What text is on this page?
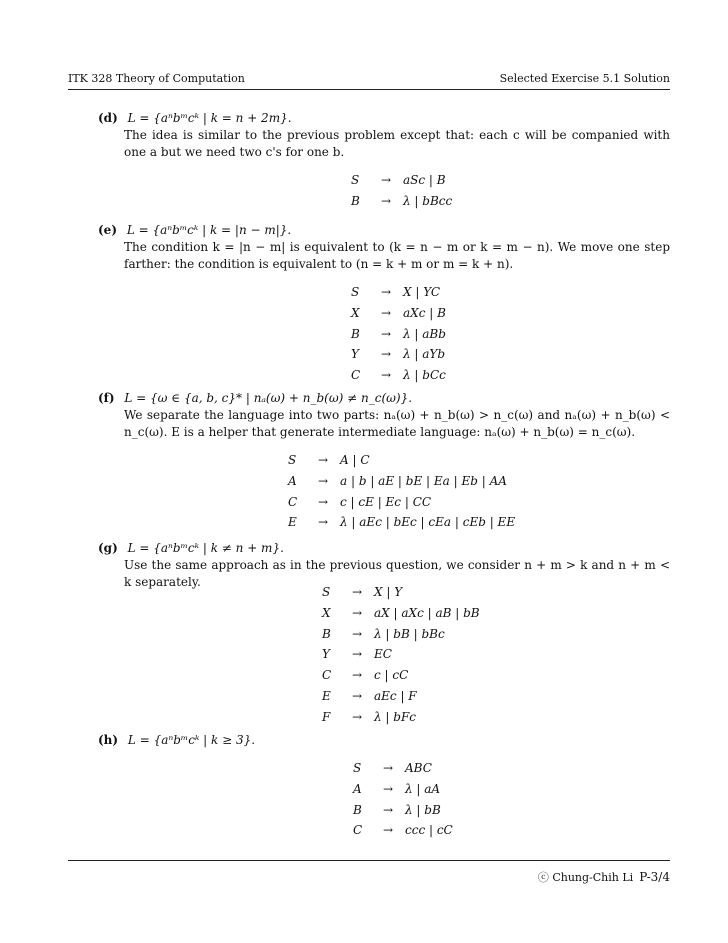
ITK 328 Theory of Computation	Selected Exercise 5.1 Solution
(d) L = {aⁿbᵐcᵏ | k = n + 2m}.
The idea is similar to the previous problem except that: each c will be companied with one a but we need two c's for one b.
S	→	aSc | B
B	→	λ | bBcc
(e) L = {aⁿbᵐcᵏ | k = |n − m|}.
The condition k = |n − m| is equivalent to (k = n − m or k = m − n). We move one step farther: the condition is equivalent to (n = k + m or m = k + n).
S	→	X | YC
X	→	aXc | B
B	→	λ | aBb
Y	→	λ | aYb
C	→	λ | bCc
(f) L = {ω ∈ {a, b, c}* | nₐ(ω) + n_b(ω) ≠ n_c(ω)}.
We separate the language into two parts: nₐ(ω) + n_b(ω) > n_c(ω) and nₐ(ω) + n_b(ω) < n_c(ω). E is a helper that generate intermediate language: nₐ(ω) + n_b(ω) = n_c(ω).
S	→	A | C
A	→	a | b | aE | bE | Ea | Eb | AA
C	→	c | cE | Ec | CC
E	→	λ | aEc | bEc | cEa | cEb | EE
(g) L = {aⁿbᵐcᵏ | k ≠ n + m}.
Use the same approach as in the previous question, we consider n + m > k and n + m < k separately.
S	→	X | Y
X	→	aX | aXc | aB | bB
B	→	λ | bB | bBc
Y	→	EC
C	→	c | cC
E	→	aEc | F
F	→	λ | bFc
(h) L = {aⁿbᵐcᵏ | k ≥ 3}.
S	→	ABC
A	→	λ | aA
B	→	λ | bB
C	→	ccc | cC
ⓒ Chung-Chih Li P-3/4
